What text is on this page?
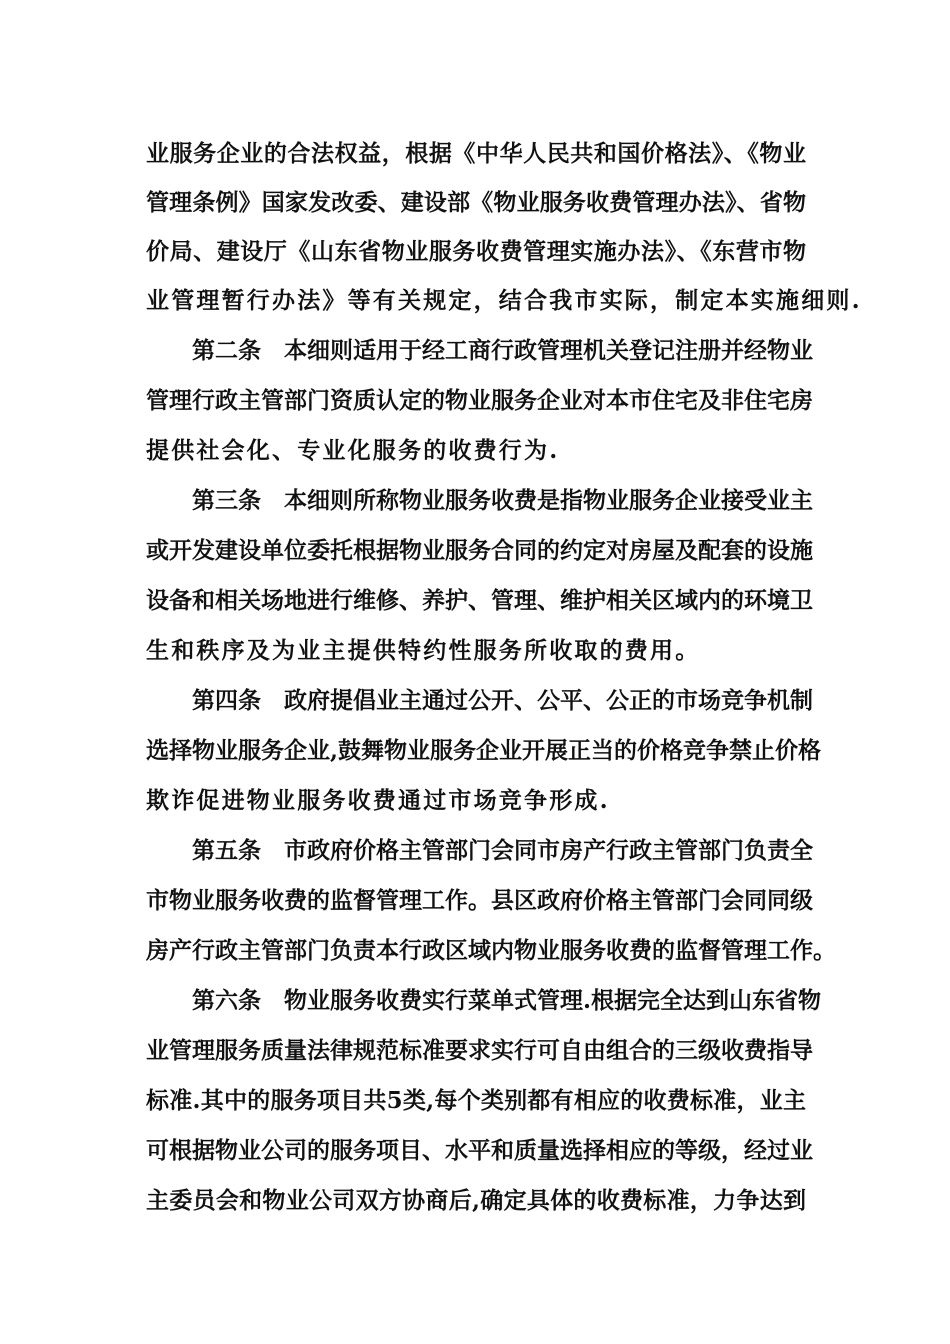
业服务企业的合法权益，根据《中华人民共和国价格法》、《物业
管理条例》国家发改委、建设部《物业服务收费管理办法》、省物
价局、建设厅《山东省物业服务收费管理实施办法》、《东营市物
业管理暂行办法》等有关规定，结合我市实际，制定本实施细则.
第二条　本细则适用于经工商行政管理机关登记注册并经物业
管理行政主管部门资质认定的物业服务企业对本市住宅及非住宅房
提供社会化、专业化服务的收费行为.
第三条　本细则所称物业服务收费是指物业服务企业接受业主
或开发建设单位委托根据物业服务合同的约定对房屋及配套的设施
设备和相关场地进行维修、养护、管理、维护相关区域内的环境卫
生和秩序及为业主提供特约性服务所收取的费用。
第四条　政府提倡业主通过公开、公平、公正的市场竞争机制
选择物业服务企业,鼓舞物业服务企业开展正当的价格竞争禁止价格
欺诈促进物业服务收费通过市场竞争形成.
第五条　市政府价格主管部门会同市房产行政主管部门负责全
市物业服务收费的监督管理工作。县区政府价格主管部门会同同级
房产行政主管部门负责本行政区域内物业服务收费的监督管理工作。
第六条　物业服务收费实行菜单式管理.根据完全达到山东省物
业管理服务质量法律规范标准要求实行可自由组合的三级收费指导
标准.其中的服务项目共5类,每个类别都有相应的收费标准，业主
可根据物业公司的服务项目、水平和质量选择相应的等级，经过业
主委员会和物业公司双方协商后,确定具体的收费标准，力争达到
